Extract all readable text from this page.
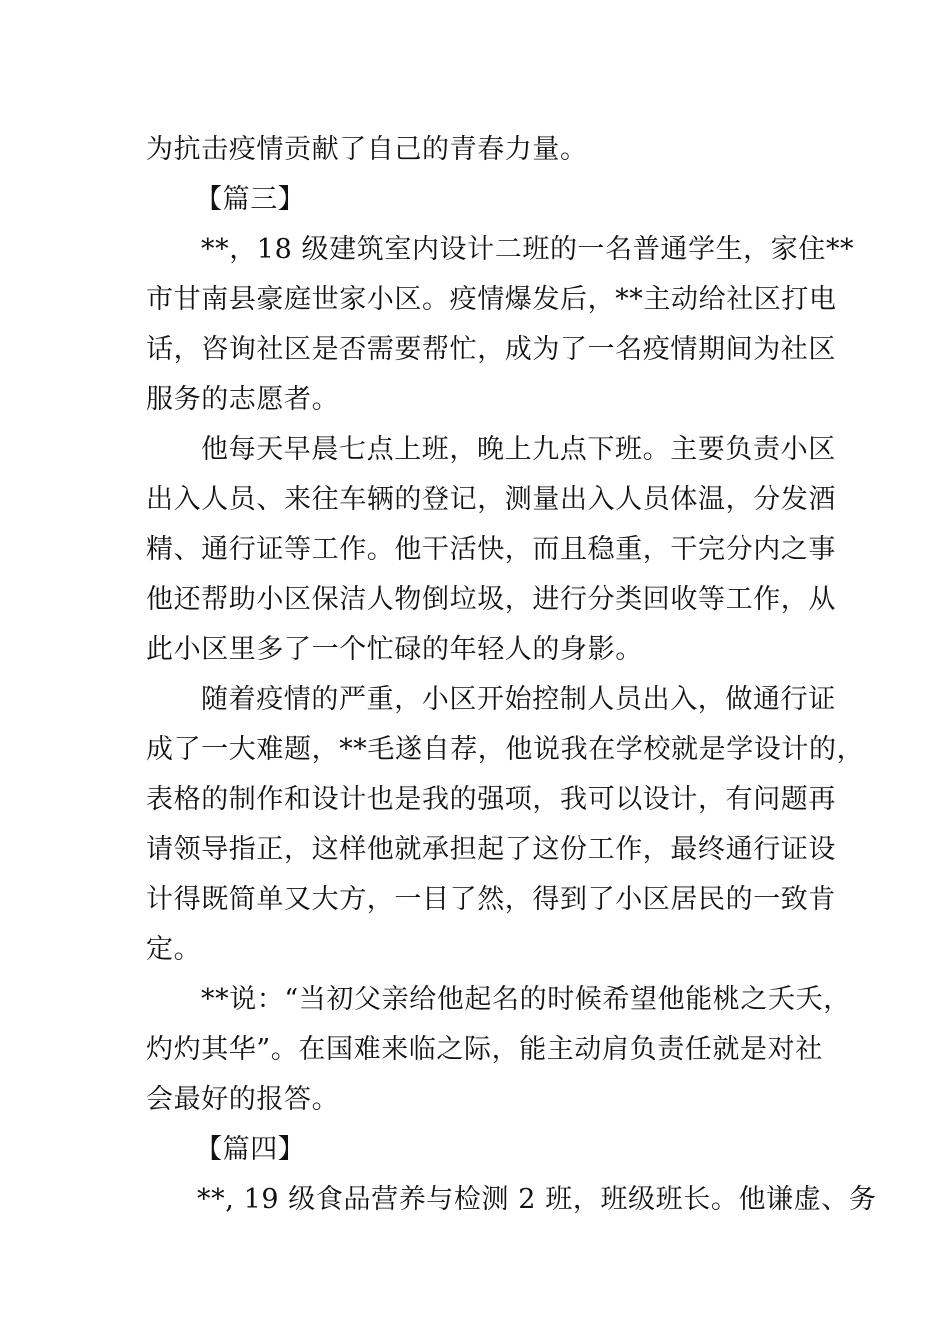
为抗击疫情贡献了自己的青春力量。
【篇三】
**，18 级建筑室内设计二班的一名普通学生，家住**
市甘南县豪庭世家小区。疫情爆发后，**主动给社区打电
话，咨询社区是否需要帮忙，成为了一名疫情期间为社区
服务的志愿者。
他每天早晨七点上班，晚上九点下班。主要负责小区
出入人员、来往车辆的登记，测量出入人员体温，分发酒
精、通行证等工作。他干活快，而且稳重，干完分内之事
他还帮助小区保洁人物倒垃圾，进行分类回收等工作，从
此小区里多了一个忙碌的年轻人的身影。
随着疫情的严重，小区开始控制人员出入，做通行证
成了一大难题，**毛遂自荐，他说我在学校就是学设计的，
表格的制作和设计也是我的强项，我可以设计，有问题再
请领导指正，这样他就承担起了这份工作，最终通行证设
计得既简单又大方，一目了然，得到了小区居民的一致肯
定。
**说：“当初父亲给他起名的时候希望他能桃之夭夭，
灼灼其华”。在国难来临之际，能主动肩负责任就是对社
会最好的报答。
【篇四】
**, 19 级食品营养与检测 2 班，班级班长。他谦虚、务
